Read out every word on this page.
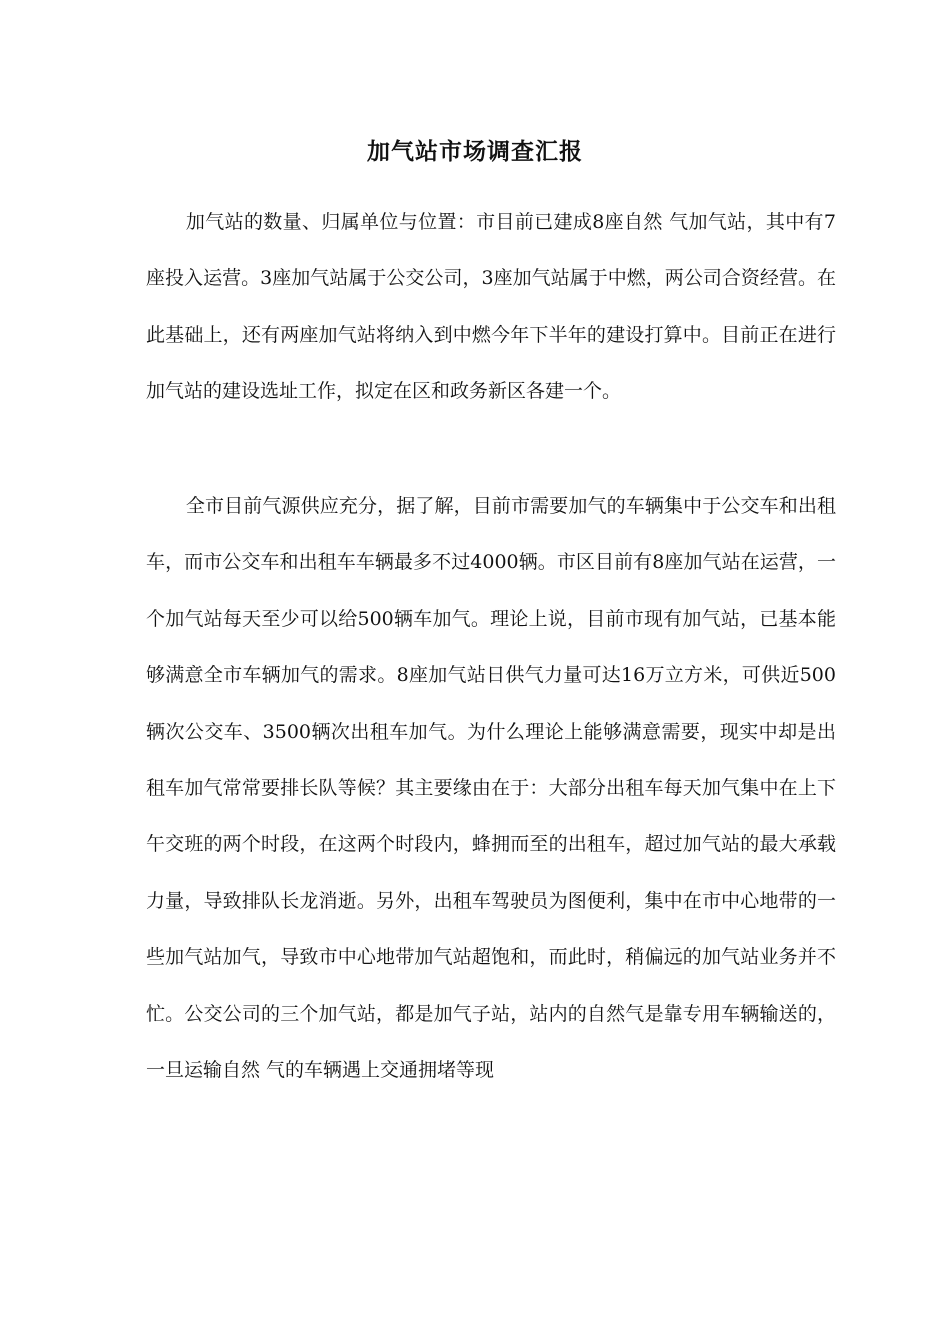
加气站市场调查汇报

加气站的数量、归属单位与位置：市目前已建成8座自然 气加气站，其中有7座投入运营。3座加气站属于公交公司，3座加气站属于中燃，两公司合资经营。在此基础上，还有两座加气站将纳入到中燃今年下半年的建设打算中。目前正在进行加气站的建设选址工作，拟定在区和政务新区各建一个。

全市目前气源供应充分，据了解，目前市需要加气的车辆集中于公交车和出租车，而市公交车和出租车车辆最多不过4000辆。市区目前有8座加气站在运营，一个加气站每天至少可以给500辆车加气。理论上说，目前市现有加气站，已基本能够满意全市车辆加气的需求。8座加气站日供气力量可达16万立方米，可供近500辆次公交车、3500辆次出租车加气。为什么理论上能够满意需要，现实中却是出租车加气常常要排长队等候？其主要缘由在于：大部分出租车每天加气集中在上下午交班的两个时段，在这两个时段内，蜂拥而至的出租车，超过加气站的最大承载力量，导致排队长龙消逝。另外，出租车驾驶员为图便利，集中在市中心地带的一些加气站加气，导致市中心地带加气站超饱和，而此时，稍偏远的加气站业务并不忙。公交公司的三个加气站，都是加气子站，站内的自然气是靠专用车辆输送的，一旦运输自然 气的车辆遇上交通拥堵等现
